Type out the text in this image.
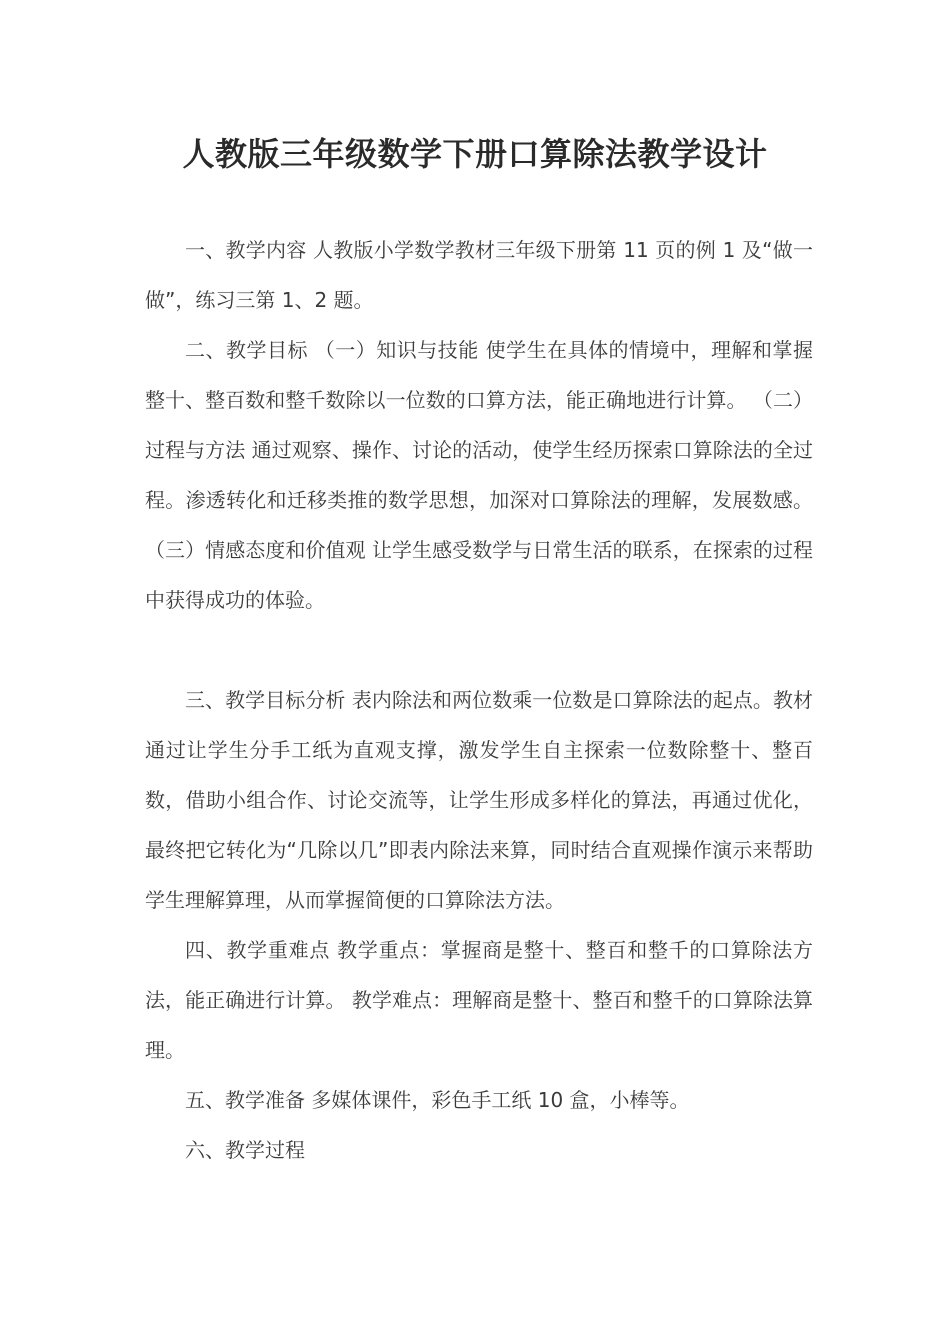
人教版三年级数学下册口算除法教学设计

一、教学内容 人教版小学数学教材三年级下册第 11 页的例 1 及“做一做”，练习三第 1、2 题。

二、教学目标 （一）知识与技能 使学生在具体的情境中，理解和掌握整十、整百数和整千数除以一位数的口算方法，能正确地进行计算。 （二）过程与方法 通过观察、操作、讨论的活动，使学生经历探索口算除法的全过程。渗透转化和迁移类推的数学思想，加深对口算除法的理解，发展数感。 （三）情感态度和价值观 让学生感受数学与日常生活的联系，在探索的过程中获得成功的体验。

三、教学目标分析 表内除法和两位数乘一位数是口算除法的起点。教材通过让学生分手工纸为直观支撑，激发学生自主探索一位数除整十、整百数，借助小组合作、讨论交流等，让学生形成多样化的算法，再通过优化，最终把它转化为“几除以几”即表内除法来算，同时结合直观操作演示来帮助学生理解算理，从而掌握简便的口算除法方法。

四、教学重难点 教学重点：掌握商是整十、整百和整千的口算除法方法，能正确进行计算。 教学难点：理解商是整十、整百和整千的口算除法算理。

五、教学准备 多媒体课件，彩色手工纸 10 盒，小棒等。

六、教学过程
